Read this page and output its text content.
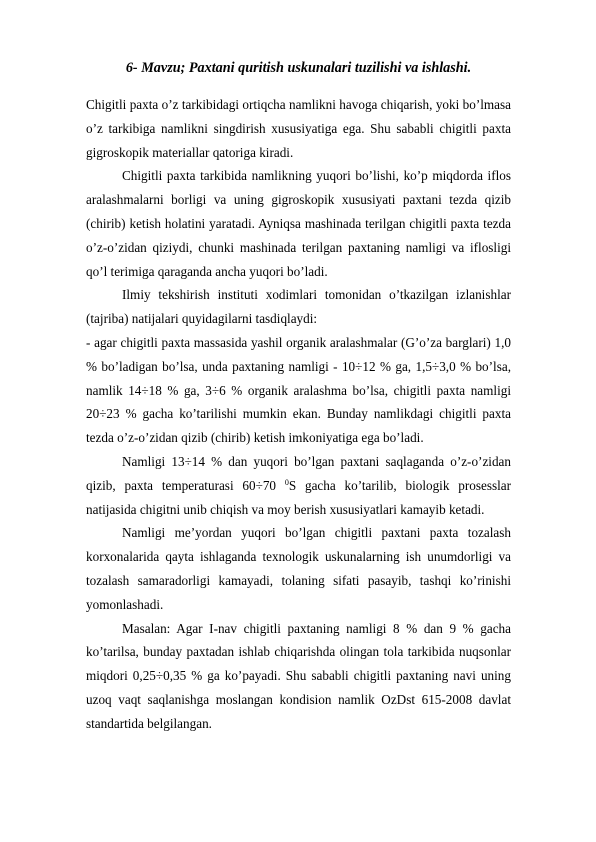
6- Mavzu; Paxtani quritish uskunalari tuzilishi va ishlashi.

Chigitli paxta o’z tarkibidagi ortiqcha namlikni havoga chiqarish, yoki bo’lmasa o’z tarkibiga namlikni singdirish xususiyatiga ega. Shu sababli chigitli paxta gigroskopik materiallar qatoriga kiradi.

Chigitli paxta tarkibida namlikning yuqori bo’lishi, ko’p miqdorda iflos aralashmalarni borligi va uning gigroskopik xususiyati paxtani tezda qizib (chirib) ketish holatini yaratadi. Ayniqsa mashinada terilgan chigitli paxta tezda o’z-o’zidan qiziydi, chunki mashinada terilgan paxtaning namligi va iflosligi qo’l terimiga qaraganda ancha yuqori bo’ladi.

Ilmiy tekshirish instituti xodimlari tomonidan o’tkazilgan izlanishlar (tajriba) natijalari quyidagilarni tasdiqlaydi:

- agar chigitli paxta massasida yashil organik aralashmalar (G’o’za barglari) 1,0 % bo’ladigan bo’lsa, unda paxtaning namligi - 10÷12 % ga, 1,5÷3,0 % bo’lsa, namlik 14÷18 % ga, 3÷6 % organik aralashma bo’lsa, chigitli paxta namligi 20÷23 % gacha ko’tarilishi mumkin ekan. Bunday namlikdagi chigitli paxta tezda o’z-o’zidan qizib (chirib) ketish imkoniyatiga ega bo’ladi.

Namligi 13÷14 % dan yuqori bo’lgan paxtani saqlaganda o’z-o’zidan qizib, paxta temperaturasi 60÷70 $^0$S gacha ko’tarilib, biologik prosesslar natijasida chigitni unib chiqish va moy berish xususiyatlari kamayib ketadi.

Namligi me’yordan yuqori bo’lgan chigitli paxtani paxta tozalash korxonalarida qayta ishlaganda texnologik uskunalarning ish unumdorligi va tozalash samaradorligi kamayadi, tolaning sifati pasayib, tashqi ko’rinishi yomonlashadi.

Masalan: Agar I-nav chigitli paxtaning namligi 8 % dan 9 % gacha ko’tarilsa, bunday paxtadan ishlab chiqarishda olingan tola tarkibida nuqsonlar miqdori 0,25÷0,35 % ga ko’payadi. Shu sababli chigitli paxtaning navi uning uzoq vaqt saqlanishga moslangan kondision namlik OzDst 615-2008 davlat standartida belgilangan.
